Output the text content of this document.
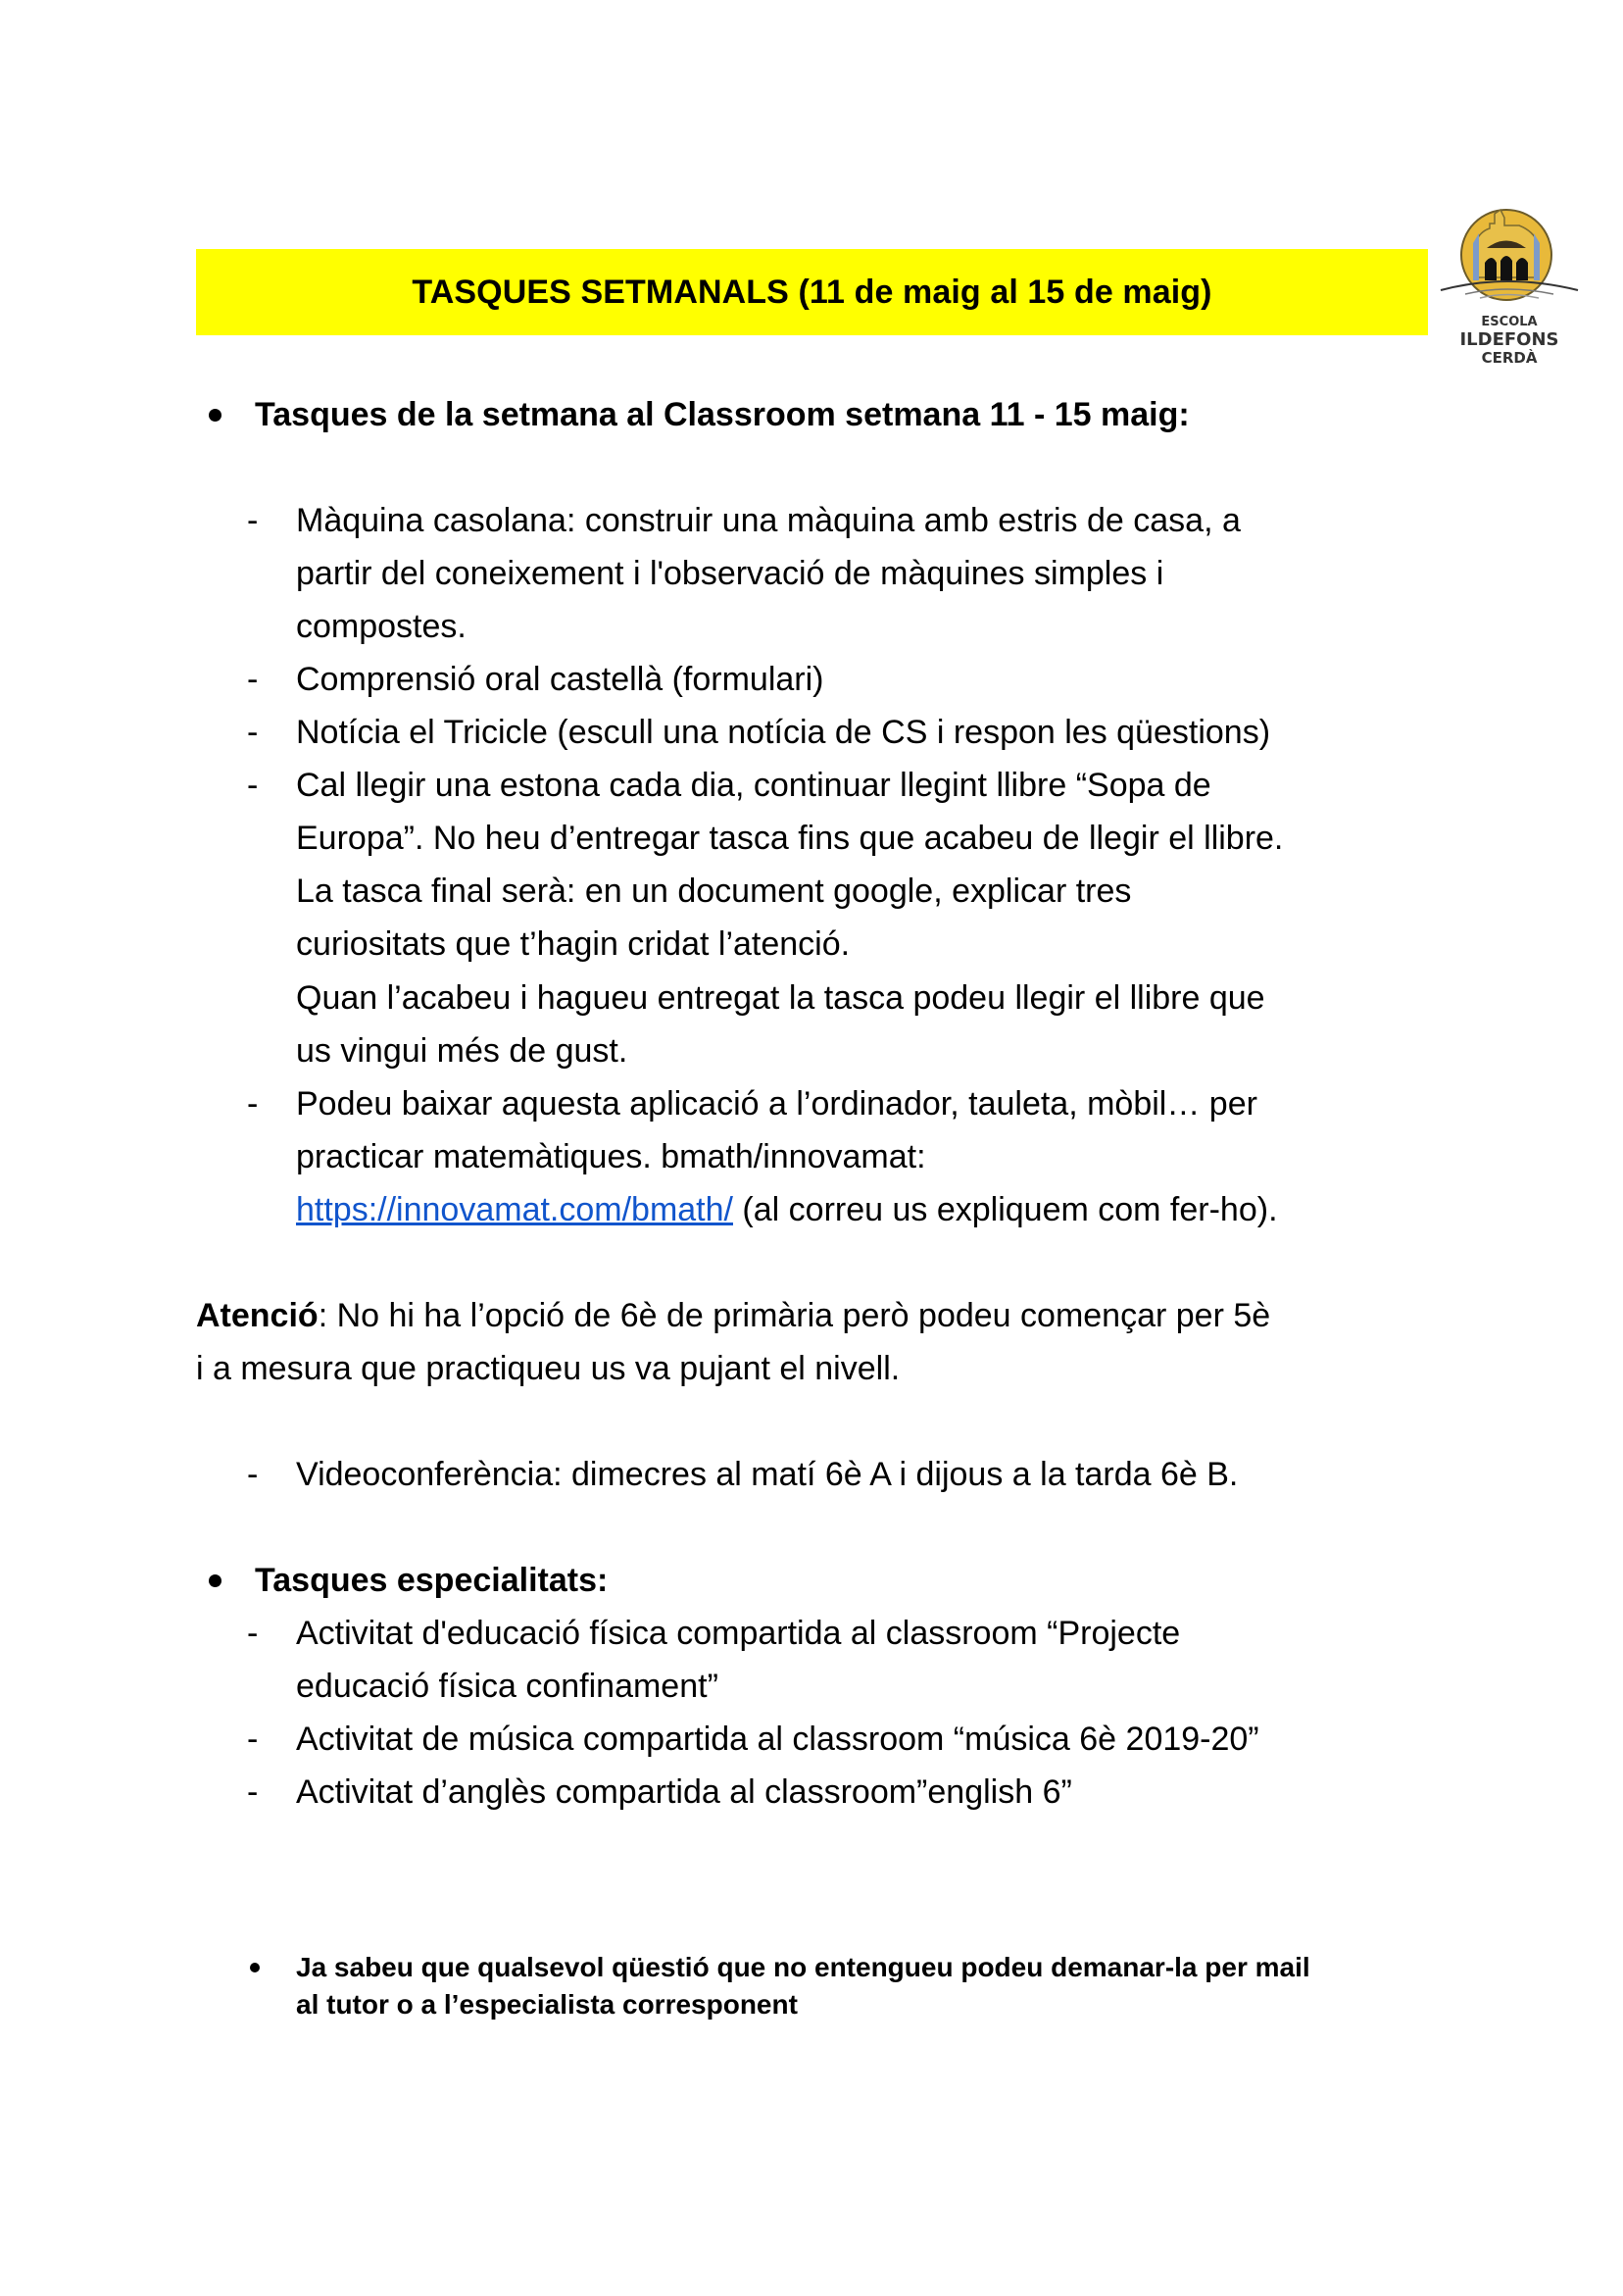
TASQUES SETMANALS (11 de maig al 15 de maig)
ESCOLA
ILDEFONS
CERDÀ
Tasques de la setmana al Classroom setmana 11 - 15 maig:
- Màquina casolana: construir una màquina amb estris de casa, a
partir del coneixement i l'observació de màquines simples i
compostes.
- Comprensió oral castellà (formulari)
- Notícia el Tricicle (escull una notícia de CS i respon les qüestions)
- Cal llegir una estona cada dia, continuar llegint llibre “Sopa de
Europa”. No heu d’entregar tasca fins que acabeu de llegir el llibre.
La tasca final serà: en un document google, explicar tres
curiositats que t’hagin cridat l’atenció.
Quan l’acabeu i hagueu entregat la tasca podeu llegir el llibre que
us vingui més de gust.
- Podeu baixar aquesta aplicació a l’ordinador, tauleta, mòbil… per
practicar matemàtiques. bmath/innovamat:
https://innovamat.com/bmath/ (al correu us expliquem com fer-ho).
Atenció: No hi ha l’opció de 6è de primària però podeu començar per 5è
i a mesura que practiqueu us va pujant el nivell.
- Videoconferència: dimecres al matí 6è A i dijous a la tarda 6è B.
Tasques especialitats:
- Activitat d'educació física compartida al classroom “Projecte
educació física confinament”
- Activitat de música compartida al classroom “música 6è 2019-20”
- Activitat d’anglès compartida al classroom”english 6”
Ja sabeu que qualsevol qüestió que no entengueu podeu demanar-la per mail
al tutor o a l’especialista corresponent
